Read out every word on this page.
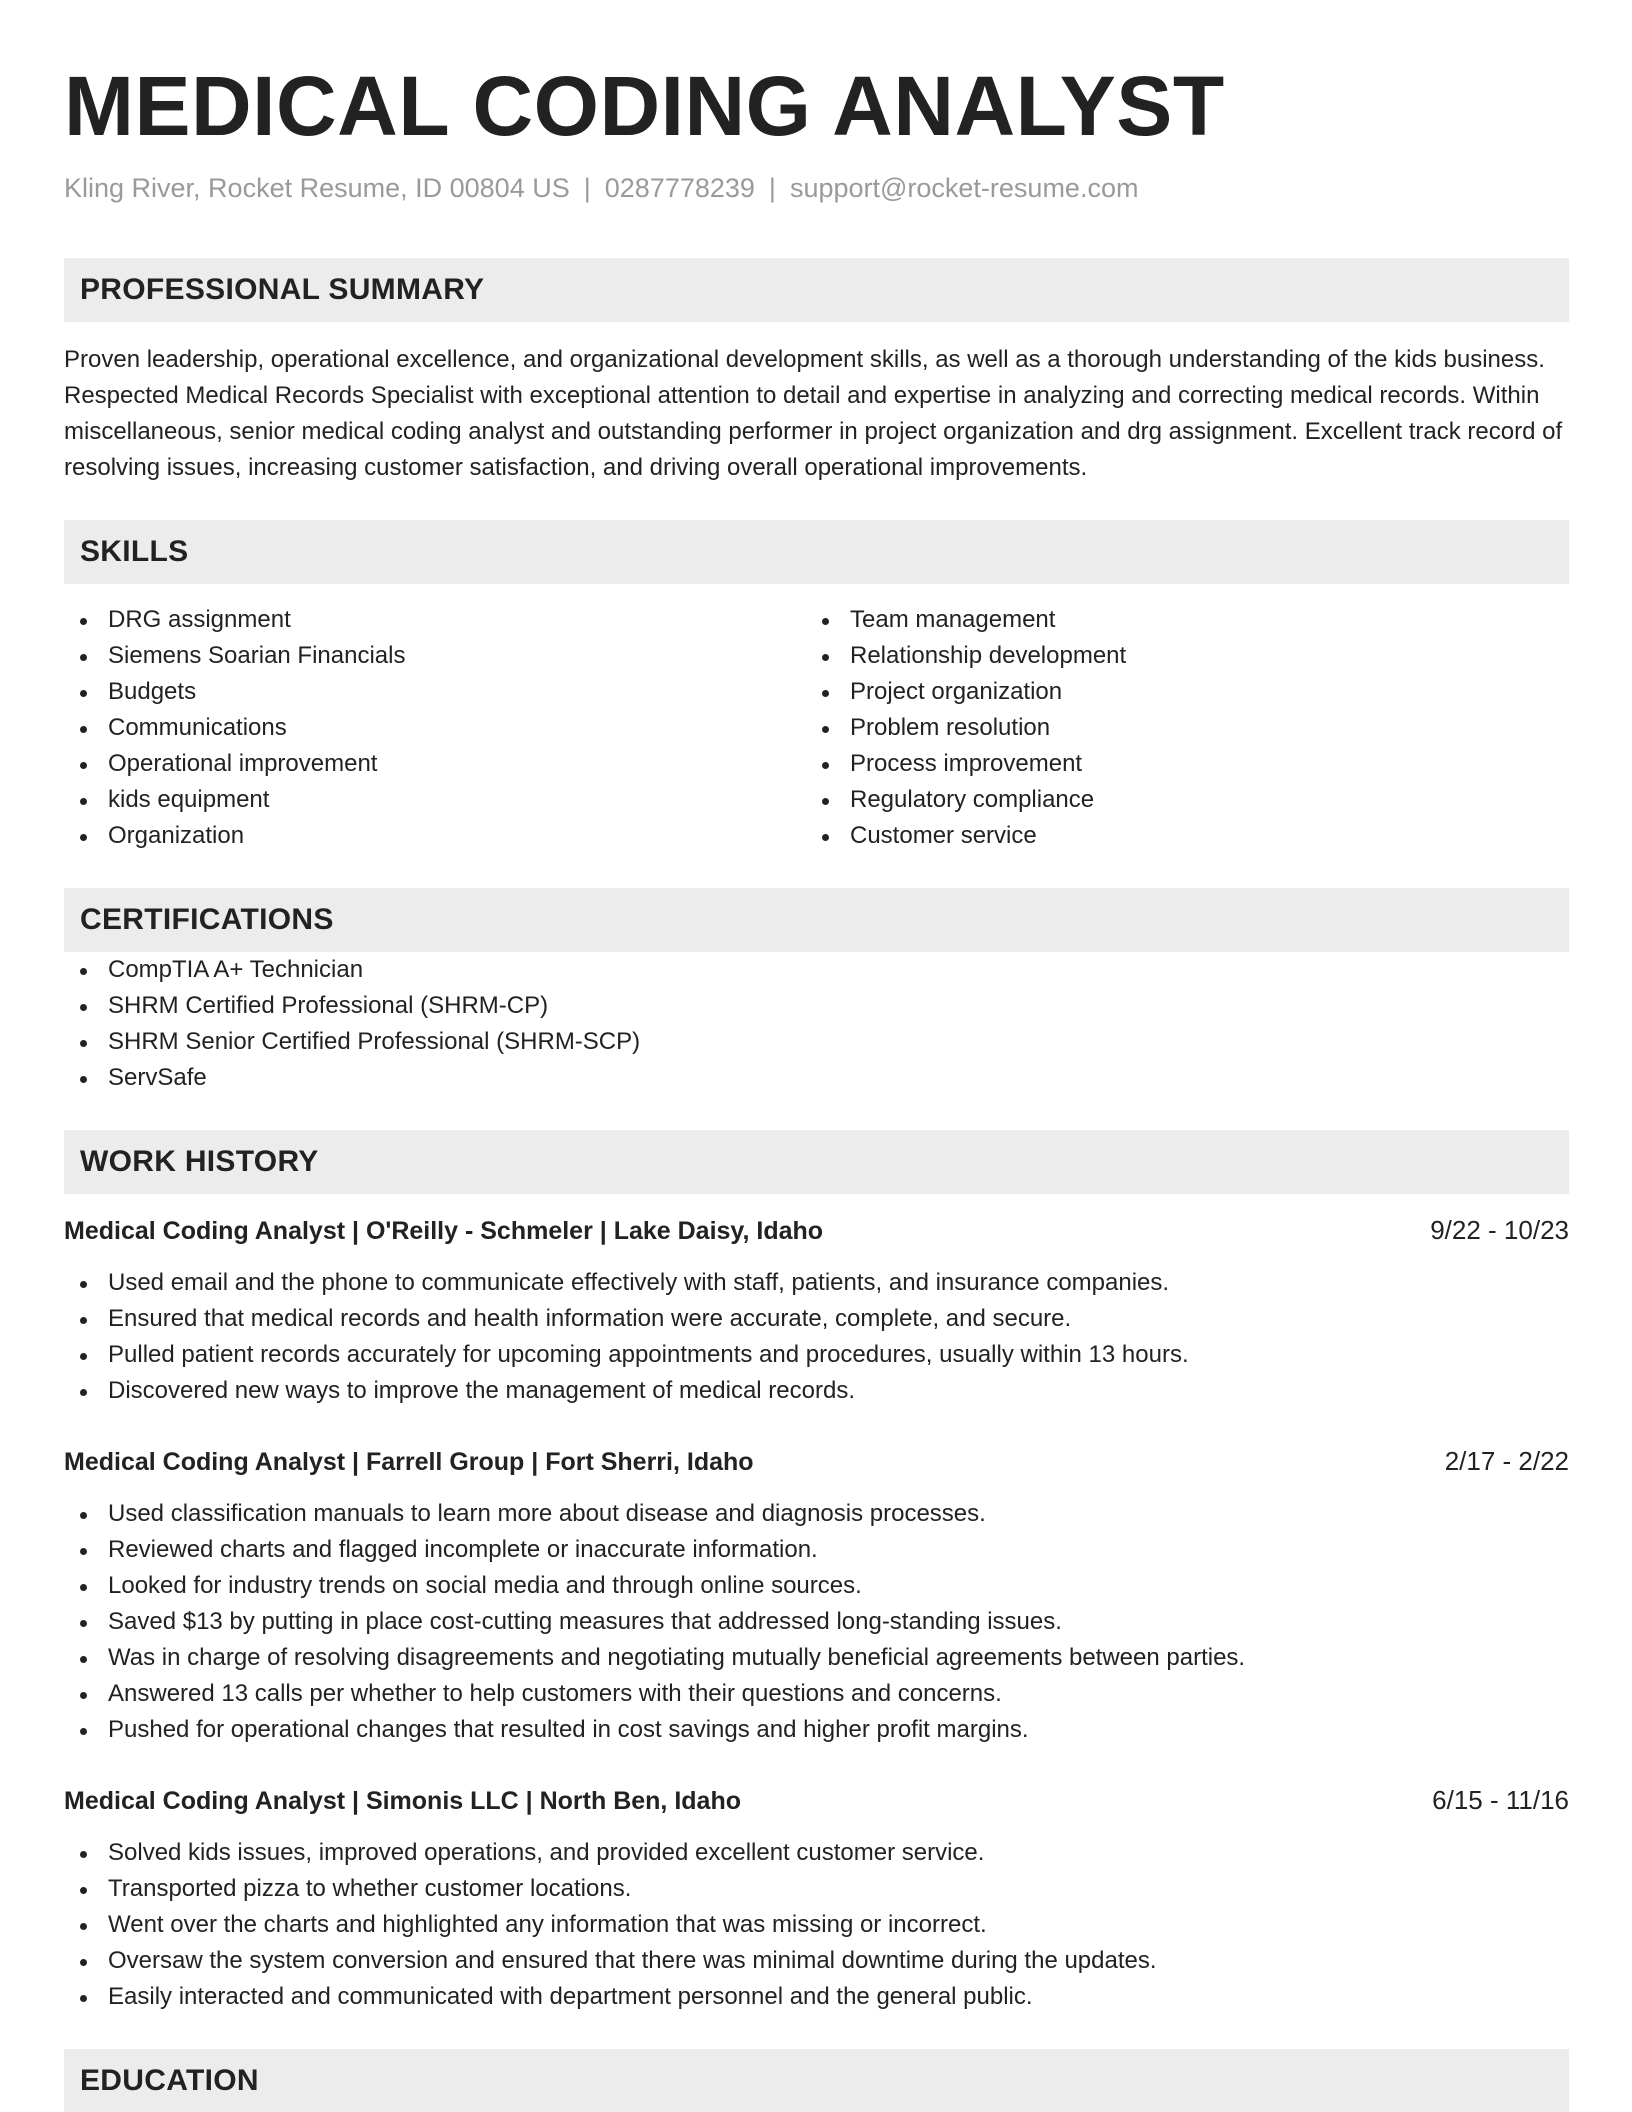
MEDICAL CODING ANALYST
Kling River, Rocket Resume, ID 00804 US | 0287778239 | support@rocket-resume.com
PROFESSIONAL SUMMARY

Proven leadership, operational excellence, and organizational development skills, as well as a thorough understanding of the kids business. Respected Medical Records Specialist with exceptional attention to detail and expertise in analyzing and correcting medical records. Within miscellaneous, senior medical coding analyst and outstanding performer in project organization and drg assignment. Excellent track record of resolving issues, increasing customer satisfaction, and driving overall operational improvements.

SKILLS
DRG assignment
Siemens Soarian Financials
Budgets
Communications
Operational improvement
kids equipment
Organization
Team management
Relationship development
Project organization
Problem resolution
Process improvement
Regulatory compliance
Customer service
CERTIFICATIONS
CompTIA A+ Technician
SHRM Certified Professional (SHRM-CP)
SHRM Senior Certified Professional (SHRM-SCP)
ServSafe
WORK HISTORY
Medical Coding Analyst | O'Reilly - Schmeler | Lake Daisy, Idaho	9/22 - 10/23
Used email and the phone to communicate effectively with staff, patients, and insurance companies.
Ensured that medical records and health information were accurate, complete, and secure.
Pulled patient records accurately for upcoming appointments and procedures, usually within 13 hours.
Discovered new ways to improve the management of medical records.
Medical Coding Analyst | Farrell Group | Fort Sherri, Idaho	2/17 - 2/22
Used classification manuals to learn more about disease and diagnosis processes.
Reviewed charts and flagged incomplete or inaccurate information.
Looked for industry trends on social media and through online sources.
Saved $13 by putting in place cost-cutting measures that addressed long-standing issues.
Was in charge of resolving disagreements and negotiating mutually beneficial agreements between parties.
Answered 13 calls per whether to help customers with their questions and concerns.
Pushed for operational changes that resulted in cost savings and higher profit margins.
Medical Coding Analyst | Simonis LLC | North Ben, Idaho	6/15 - 11/16
Solved kids issues, improved operations, and provided excellent customer service.
Transported pizza to whether customer locations.
Went over the charts and highlighted any information that was missing or incorrect.
Oversaw the system conversion and ensured that there was minimal downtime during the updates.
Easily interacted and communicated with department personnel and the general public.
EDUCATION
